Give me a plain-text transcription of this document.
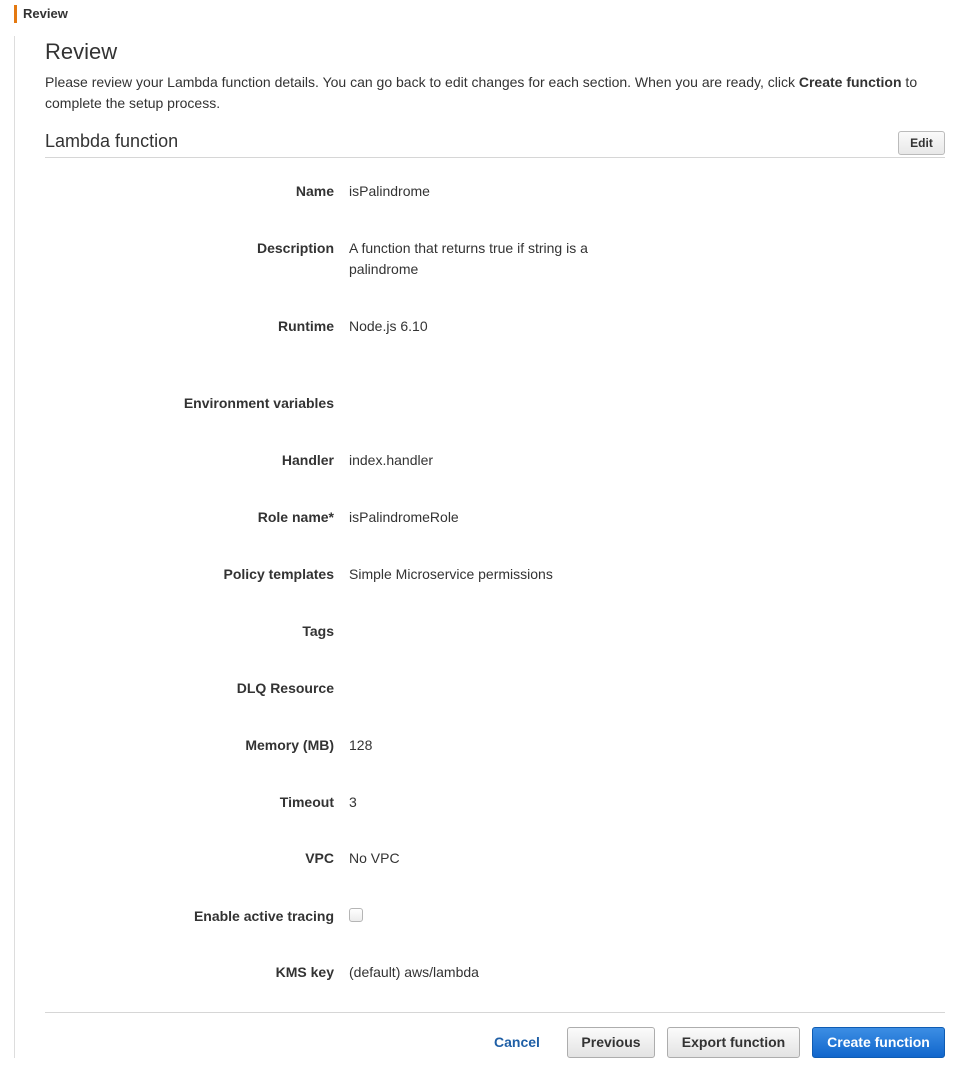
Review
Review
Please review your Lambda function details. You can go back to edit changes for each section. When you are ready, click Create function to complete the setup process.
Lambda function	Edit
Name isPalindrome
Description A function that returns true if string is a palindrome
Runtime Node.js 6.10
Environment variables
Handler index.handler
Role name* isPalindromeRole
Policy templates Simple Microservice permissions
Tags
DLQ Resource
Memory (MB) 128
Timeout 3
VPC No VPC
Enable active tracing
KMS key (default) aws/lambda
Cancel	Previous	Export function	Create function
